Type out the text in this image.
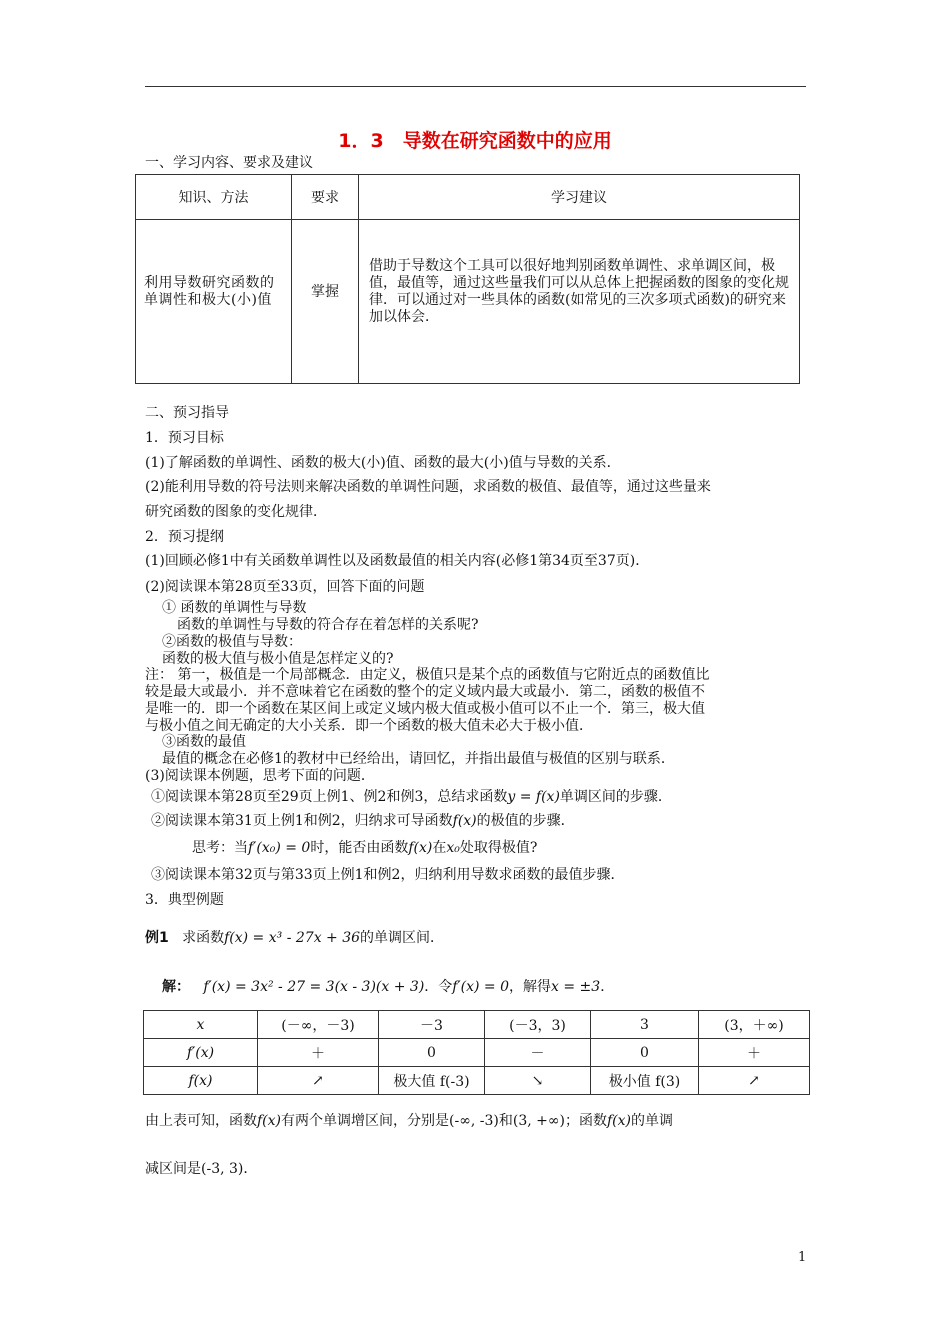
1．3　导数在研究函数中的应用
一、学习内容、要求及建议
知识、方法	要求	学习建议
利用导数研究函数的单调性和极大(小)值	掌握	借助于导数这个工具可以很好地判别函数单调性、求单调区间，极值，最值等，通过这些量我们可以从总体上把握函数的图象的变化规律．可以通过对一些具体的函数(如常见的三次多项式函数)的研究来加以体会．
二、预习指导
1．预习目标
(1)了解函数的单调性、函数的极大(小)值、函数的最大(小)值与导数的关系．
(2)能利用导数的符号法则来解决函数的单调性问题，求函数的极值、最值等，通过这些量来
研究函数的图象的变化规律．
2．预习提纲
(1)回顾必修1中有关函数单调性以及函数最值的相关内容(必修1第34页至37页)．
(2)阅读课本第28页至33页，回答下面的问题
① 函数的单调性与导数
函数的单调性与导数的符合存在着怎样的关系呢?
②函数的极值与导数：
函数的极大值与极小值是怎样定义的?
注： 第一，极值是一个局部概念．由定义，极值只是某个点的函数值与它附近点的函数值比
较是最大或最小．并不意味着它在函数的整个的定义域内最大或最小．第二，函数的极值不
是唯一的．即一个函数在某区间上或定义域内极大值或极小值可以不止一个．第三，极大值
与极小值之间无确定的大小关系．即一个函数的极大值未必大于极小值．
③函数的最值
最值的概念在必修1的教材中已经给出，请回忆，并指出最值与极值的区别与联系．
(3)阅读课本例题，思考下面的问题．
①阅读课本第28页至29页上例1、例2和例3，总结求函数y = f(x)单调区间的步骤．
②阅读课本第31页上例1和例2，归纳求可导函数f(x)的极值的步骤．
思考：当f′(x₀) = 0时，能否由函数f(x)在x₀处取得极值?
③阅读课本第32页与第33页上例1和例2，归纳利用导数求函数的最值步骤．
3．典型例题
例1 求函数f(x) = x³ - 27x + 36的单调区间．
解： f′(x) = 3x² - 27 = 3(x - 3)(x + 3)．令f′(x) = 0，解得x = ±3．
x	(－∞，－3)	－3	(－3，3)	3	(3，＋∞)
f′(x)	＋	0	－	0	＋
f(x)	↗	极大值 f(-3)	↘	极小值 f(3)	↗
由上表可知，函数f(x)有两个单调增区间，分别是(-∞, -3)和(3, +∞)；函数f(x)的单调
减区间是(-3, 3)．
1
